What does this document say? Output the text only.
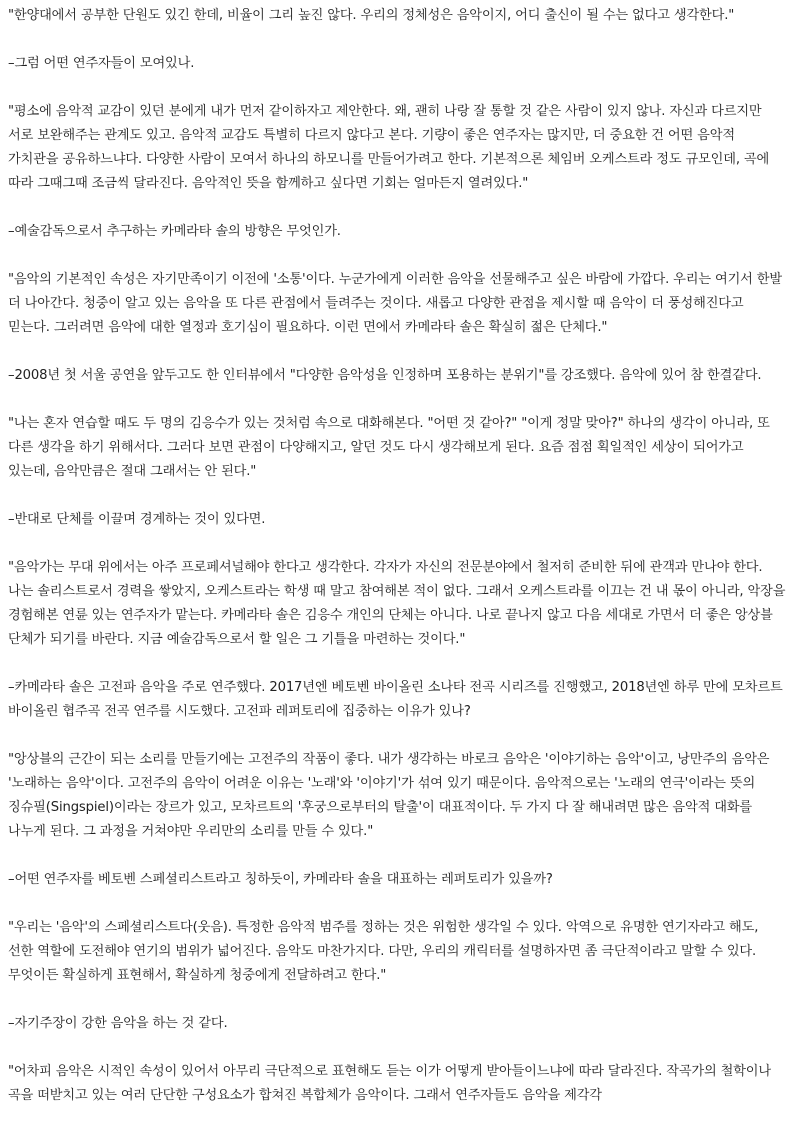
"한양대에서 공부한 단원도 있긴 한데, 비율이 그리 높진 않다. 우리의 정체성은 음악이지, 어디 출신이 될 수는 없다고 생각한다."

–그럼 어떤 연주자들이 모여있나.

"평소에 음악적 교감이 있던 분에게 내가 먼저 같이하자고 제안한다. 왜, 괜히 나랑 잘 통할 것 같은 사람이 있지 않나. 자신과 다르지만 서로 보완해주는 관계도 있고. 음악적 교감도 특별히 다르지 않다고 본다. 기량이 좋은 연주자는 많지만, 더 중요한 건 어떤 음악적 가치관을 공유하느냐다. 다양한 사람이 모여서 하나의 하모니를 만들어가려고 한다. 기본적으론 체임버 오케스트라 정도 규모인데, 곡에 따라 그때그때 조금씩 달라진다. 음악적인 뜻을 함께하고 싶다면 기회는 얼마든지 열려있다."

–예술감독으로서 추구하는 카메라타 솔의 방향은 무엇인가.

"음악의 기본적인 속성은 자기만족이기 이전에 '소통'이다. 누군가에게 이러한 음악을 선물해주고 싶은 바람에 가깝다. 우리는 여기서 한발 더 나아간다. 청중이 알고 있는 음악을 또 다른 관점에서 들려주는 것이다. 새롭고 다양한 관점을 제시할 때 음악이 더 풍성해진다고 믿는다. 그러려면 음악에 대한 열정과 호기심이 필요하다. 이런 면에서 카메라타 솔은 확실히 젊은 단체다."

–2008년 첫 서울 공연을 앞두고도 한 인터뷰에서 "다양한 음악성을 인정하며 포용하는 분위기"를 강조했다. 음악에 있어 참 한결같다.

"나는 혼자 연습할 때도 두 명의 김응수가 있는 것처럼 속으로 대화해본다. "어떤 것 같아?" "이게 정말 맞아?" 하나의 생각이 아니라, 또 다른 생각을 하기 위해서다. 그러다 보면 관점이 다양해지고, 알던 것도 다시 생각해보게 된다. 요즘 점점 획일적인 세상이 되어가고 있는데, 음악만큼은 절대 그래서는 안 된다."

–반대로 단체를 이끌며 경계하는 것이 있다면.

"음악가는 무대 위에서는 아주 프로페셔널해야 한다고 생각한다. 각자가 자신의 전문분야에서 철저히 준비한 뒤에 관객과 만나야 한다. 나는 솔리스트로서 경력을 쌓았지, 오케스트라는 학생 때 말고 참여해본 적이 없다. 그래서 오케스트라를 이끄는 건 내 몫이 아니라, 악장을 경험해본 연륜 있는 연주자가 맡는다. 카메라타 솔은 김응수 개인의 단체는 아니다. 나로 끝나지 않고 다음 세대로 가면서 더 좋은 앙상블 단체가 되기를 바란다. 지금 예술감독으로서 할 일은 그 기틀을 마련하는 것이다."

–카메라타 솔은 고전파 음악을 주로 연주했다. 2017년엔 베토벤 바이올린 소나타 전곡 시리즈를 진행했고, 2018년엔 하루 만에 모차르트 바이올린 협주곡 전곡 연주를 시도했다. 고전파 레퍼토리에 집중하는 이유가 있나?

"앙상블의 근간이 되는 소리를 만들기에는 고전주의 작품이 좋다. 내가 생각하는 바로크 음악은 '이야기하는 음악'이고, 낭만주의 음악은 '노래하는 음악'이다. 고전주의 음악이 어려운 이유는 '노래'와 '이야기'가 섞여 있기 때문이다. 음악적으로는 '노래의 연극'이라는 뜻의 징슈필(Singspiel)이라는 장르가 있고, 모차르트의 '후궁으로부터의 탈출'이 대표적이다. 두 가지 다 잘 해내려면 많은 음악적 대화를 나누게 된다. 그 과정을 거쳐야만 우리만의 소리를 만들 수 있다."

–어떤 연주자를 베토벤 스페셜리스트라고 칭하듯이, 카메라타 솔을 대표하는 레퍼토리가 있을까?

"우리는 '음악'의 스페셜리스트다(웃음). 특정한 음악적 범주를 정하는 것은 위험한 생각일 수 있다. 악역으로 유명한 연기자라고 해도, 선한 역할에 도전해야 연기의 범위가 넓어진다. 음악도 마찬가지다. 다만, 우리의 캐릭터를 설명하자면 좀 극단적이라고 말할 수 있다. 무엇이든 확실하게 표현해서, 확실하게 청중에게 전달하려고 한다."

–자기주장이 강한 음악을 하는 것 같다.

"어차피 음악은 시적인 속성이 있어서 아무리 극단적으로 표현해도 듣는 이가 어떻게 받아들이느냐에 따라 달라진다. 작곡가의 철학이나 곡을 떠받치고 있는 여러 단단한 구성요소가 합쳐진 복합체가 음악이다. 그래서 연주자들도 음악을 제각각
